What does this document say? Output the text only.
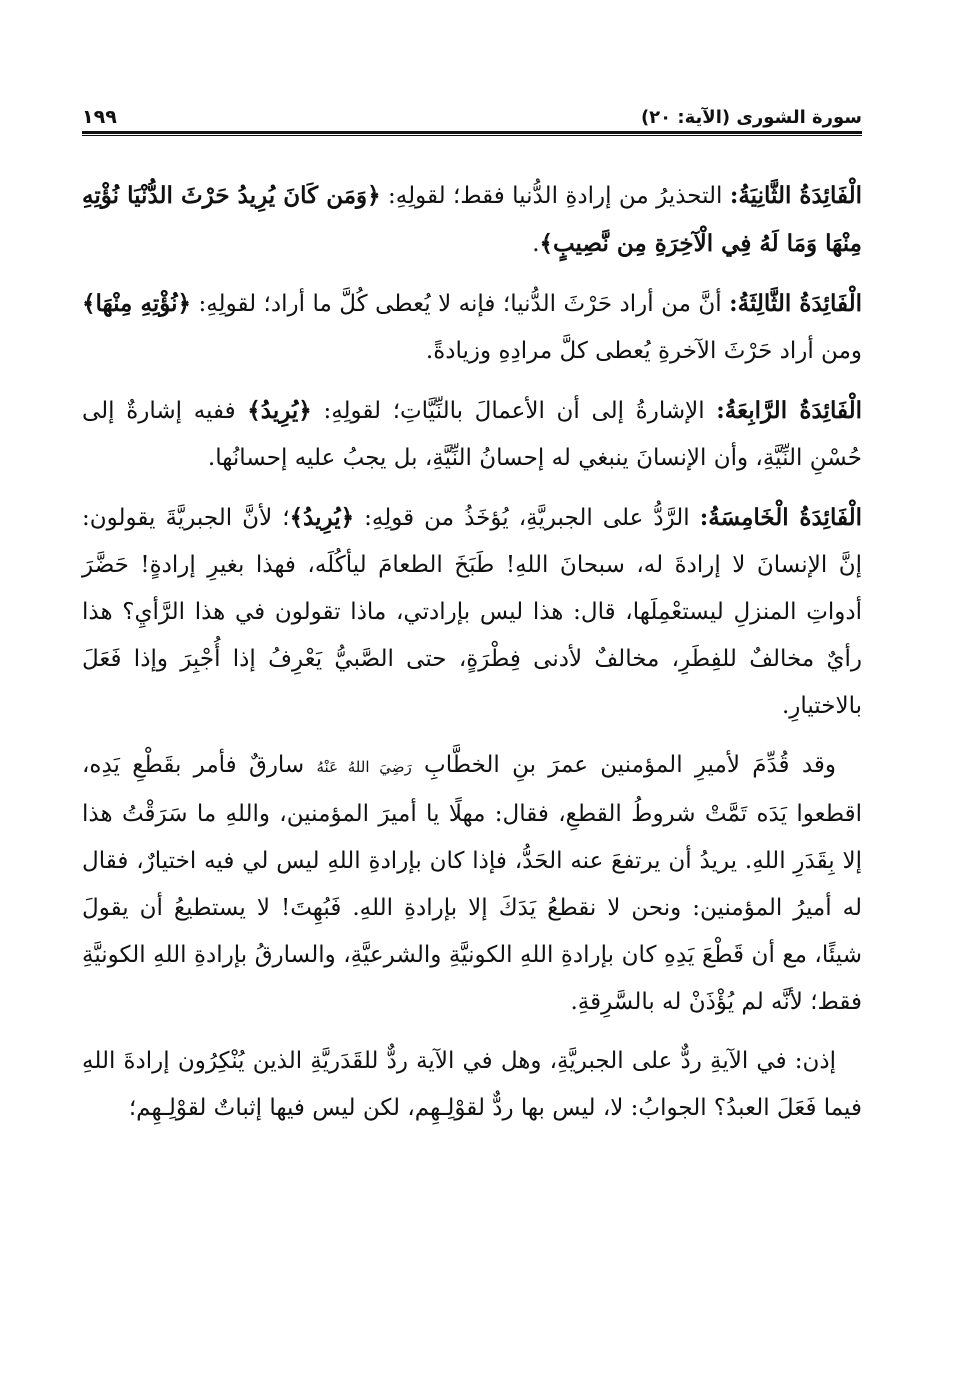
سورة الشورى (الآية: ٢٠)
١٩٩

الْفَائِدَةُ الثَّانِيَةُ: التحذيرُ من إرادةِ الدُّنيا فقط؛ لقولِهِ: ﴿وَمَن كَانَ يُرِيدُ حَرْثَ الدُّنْيَا نُؤْتِهِ مِنْهَا وَمَا لَهُ فِي الْآخِرَةِ مِن نَّصِيبٍ﴾.

الْفَائِدَةُ الثَّالِثَةُ: أنَّ من أراد حَرْثَ الدُّنيا؛ فإنه لا يُعطى كُلَّ ما أراد؛ لقولِهِ: ﴿نُؤْتِهِ مِنْهَا﴾ ومن أراد حَرْثَ الآخرةِ يُعطى كلَّ مرادِهِ وزيادةً.

الْفَائِدَةُ الرَّابِعَةُ: الإشارةُ إلى أن الأعمالَ بالنِّيَّاتِ؛ لقولِهِ: ﴿يُرِيدُ﴾ ففيه إشارةٌ إلى حُسْنِ النِّيَّةِ، وأن الإنسانَ ينبغي له إحسانُ النِّيَّةِ، بل يجبُ عليه إحسانُها.

الْفَائِدَةُ الْخَامِسَةُ: الرَّدُّ على الجبريَّةِ، يُؤخَذُ من قولِهِ: ﴿يُرِيدُ﴾؛ لأنَّ الجبريَّةَ يقولون: إنَّ الإنسانَ لا إرادةَ له، سبحانَ اللهِ! طَبَخَ الطعامَ ليأكُلَه، فهذا بغيرِ إرادةٍ! حَضَّرَ أدواتِ المنزلِ ليستعْمِلَها، قال: هذا ليس بإرادتي، ماذا تقولون في هذا الرَّأيِ؟ هذا رأيٌ مخالفٌ للفِطَرِ، مخالفٌ لأدنى فِطْرَةٍ، حتى الصَّبيُّ يَعْرِفُ إذا أُجْبِرَ وإذا فَعَلَ بالاختيارِ.

وقد قُدِّمَ لأميرِ المؤمنين عمرَ بنِ الخطَّابِ رَضِيَ اللهُ عَنْهُ سارقٌ فأمر بقَطْعِ يَدِه، اقطعوا يَدَه تَمَّتْ شروطُ القطعِ، فقال: مهلًا يا أميرَ المؤمنين، واللهِ ما سَرَقْتُ هذا إلا بِقَدَرِ اللهِ. يريدُ أن يرتفعَ عنه الحَدُّ، فإذا كان بإرادةِ اللهِ ليس لي فيه اختيارٌ، فقال له أميرُ المؤمنين: ونحن لا نقطعُ يَدَكَ إلا بإرادةِ اللهِ. فَبُهِتَ! لا يستطيعُ أن يقولَ شيئًا، مع أن قَطْعَ يَدِهِ كان بإرادةِ اللهِ الكونيَّةِ والشرعيَّةِ، والسارقُ بإرادةِ اللهِ الكونيَّةِ فقط؛ لأنَّه لم يُؤْذَنْ له بالسَّرِقةِ.

إذن: في الآيةِ ردٌّ على الجبريَّةِ، وهل في الآية ردٌّ للقَدَريَّةِ الذين يُنْكِرُون إرادةَ اللهِ فيما فَعَلَ العبدُ؟ الجوابُ: لا، ليس بها ردٌّ لقوْلِـهِم، لكن ليس فيها إثباتٌ لقوْلِـهِم؛
